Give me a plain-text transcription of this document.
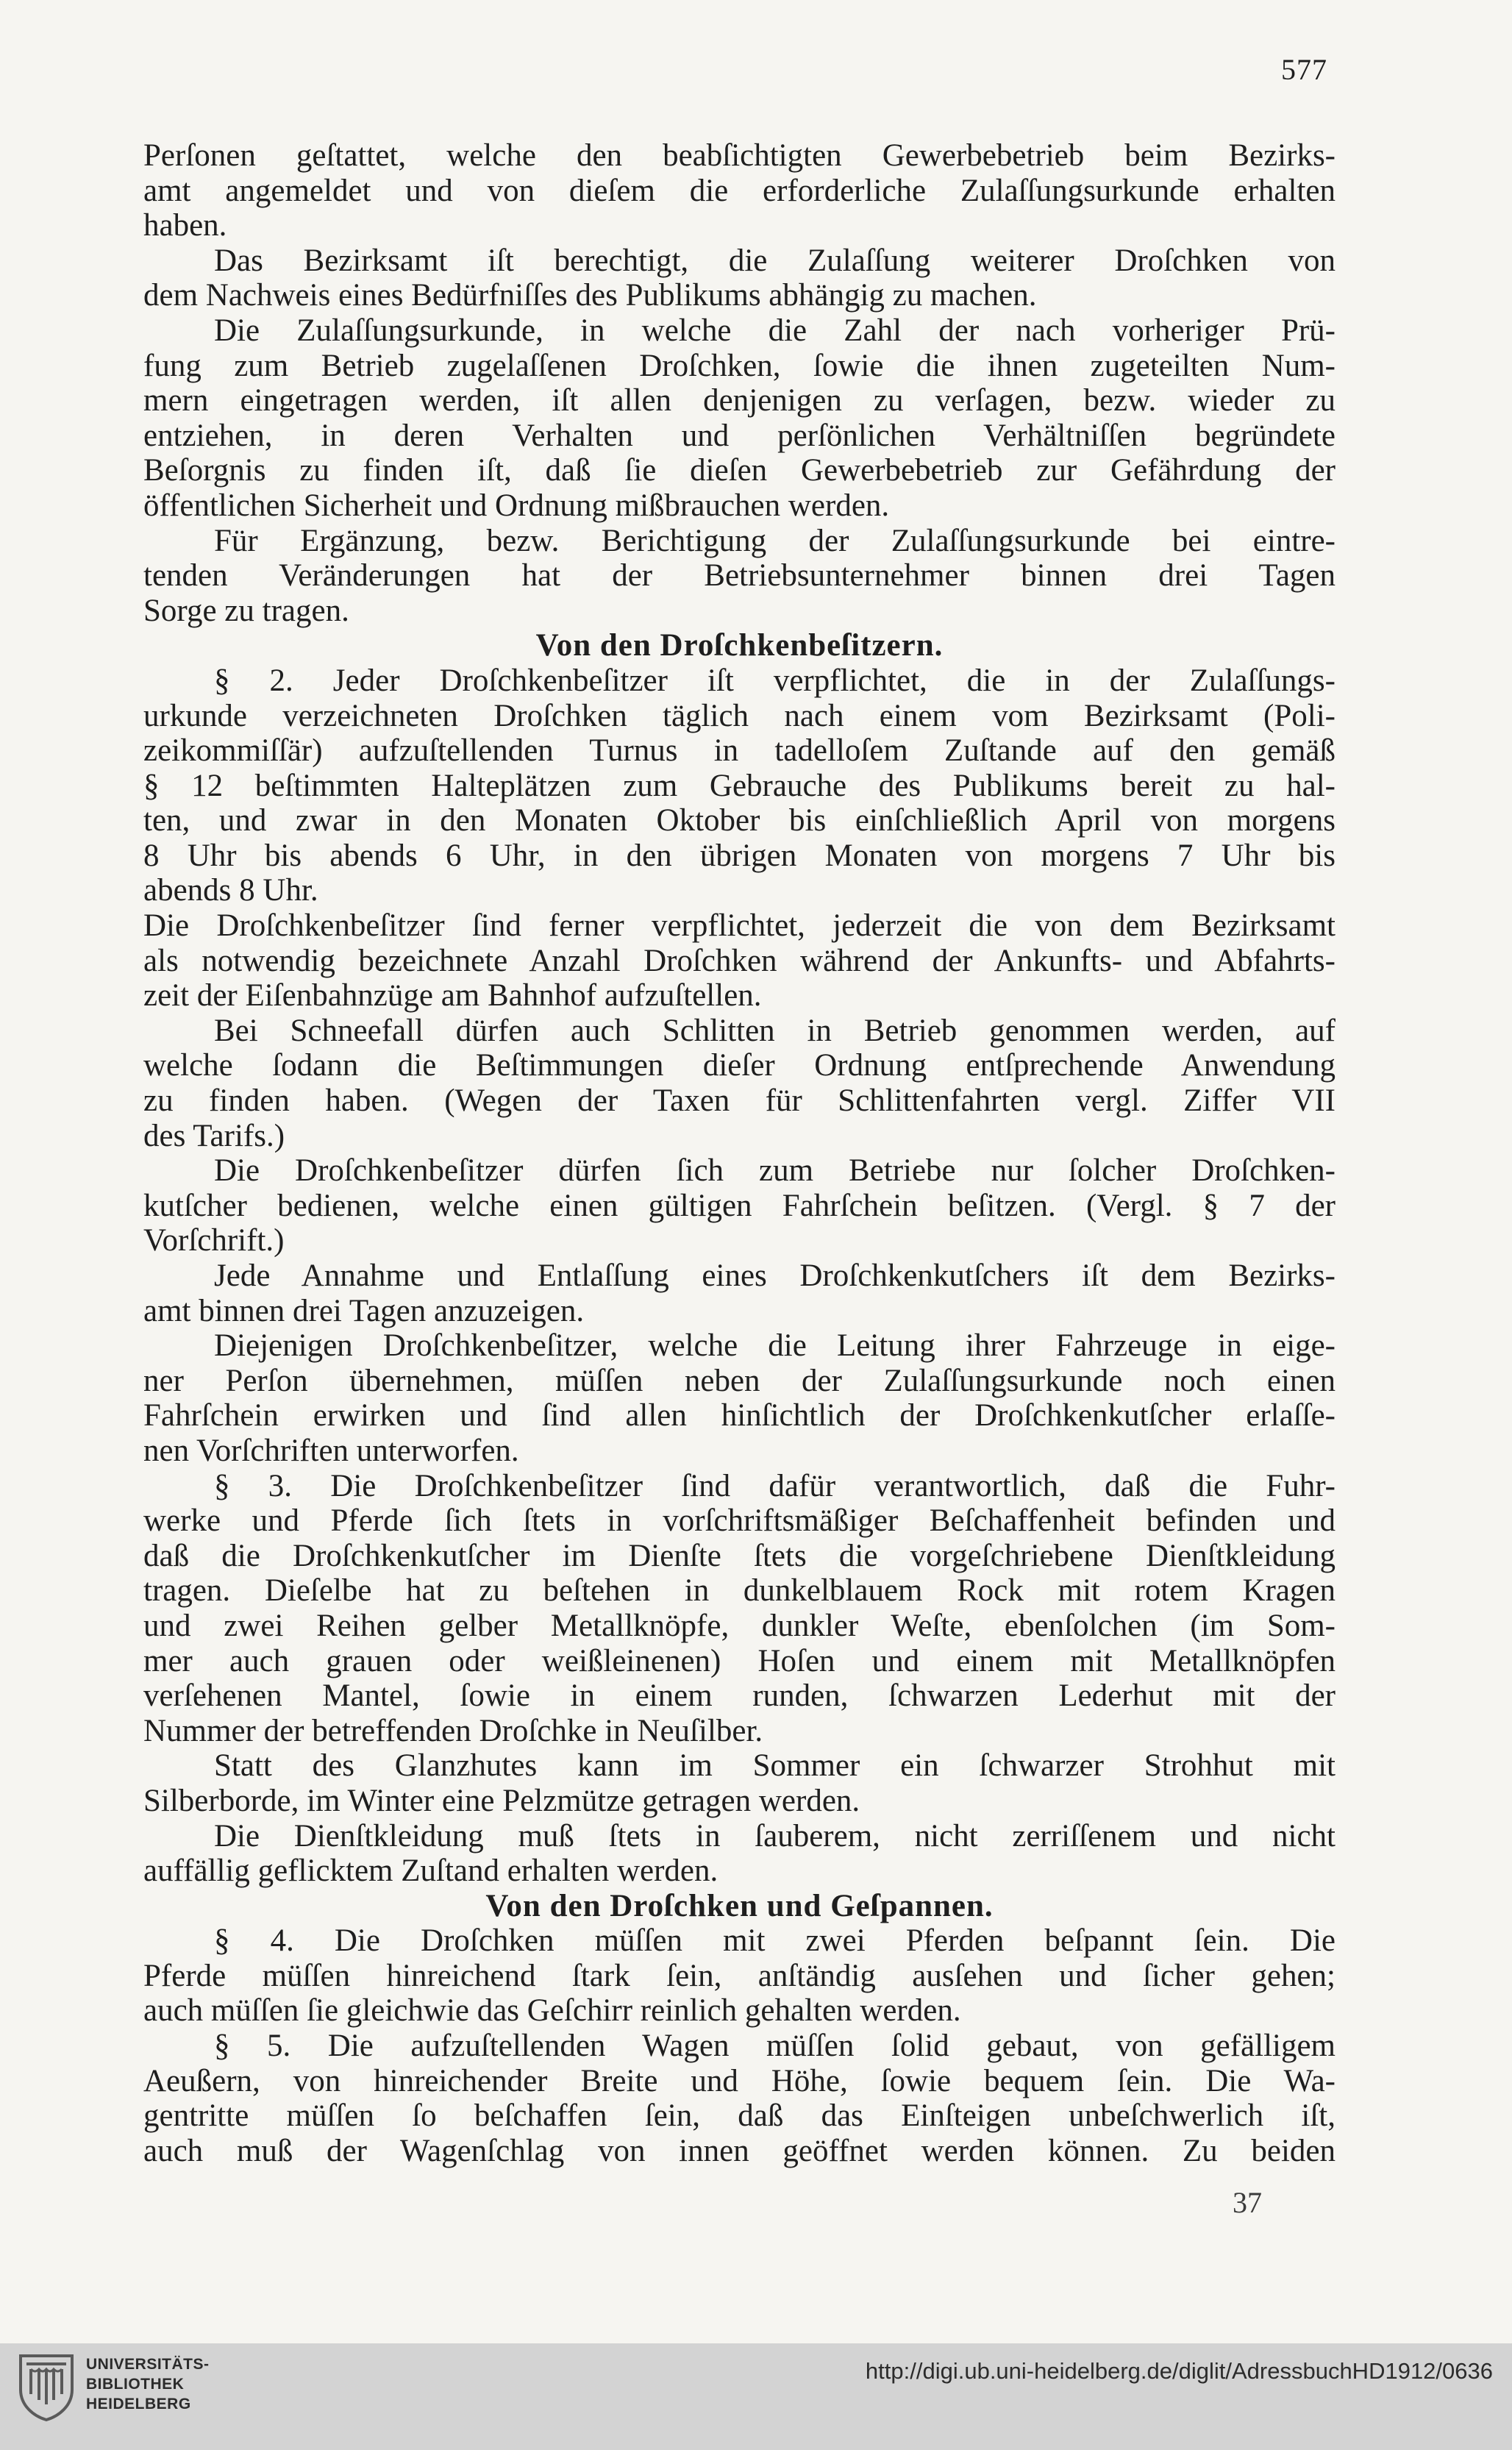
577
Perſonen geſtattet, welche den beabſichtigten Gewerbebetrieb beim Bezirks-
amt angemeldet und von dieſem die erforderliche Zulaſſungsurkunde erhalten
haben.
Das Bezirksamt iſt berechtigt, die Zulaſſung weiterer Droſchken von
dem Nachweis eines Bedürfniſſes des Publikums abhängig zu machen.
Die Zulaſſungsurkunde, in welche die Zahl der nach vorheriger Prü-
fung zum Betrieb zugelaſſenen Droſchken, ſowie die ihnen zugeteilten Num-
mern eingetragen werden, iſt allen denjenigen zu verſagen, bezw. wieder zu
entziehen, in deren Verhalten und perſönlichen Verhältniſſen begründete
Beſorgnis zu finden iſt, daß ſie dieſen Gewerbebetrieb zur Gefährdung der
öffentlichen Sicherheit und Ordnung mißbrauchen werden.
Für Ergänzung, bezw. Berichtigung der Zulaſſungsurkunde bei eintre-
tenden Veränderungen hat der Betriebsunternehmer binnen drei Tagen
Sorge zu tragen.
Von den Droſchkenbeſitzern.
§ 2. Jeder Droſchkenbeſitzer iſt verpflichtet, die in der Zulaſſungs-
urkunde verzeichneten Droſchken täglich nach einem vom Bezirksamt (Poli-
zeikommiſſär) aufzuſtellenden Turnus in tadelloſem Zuſtande auf den gemäß
§ 12 beſtimmten Halteplätzen zum Gebrauche des Publikums bereit zu hal-
ten, und zwar in den Monaten Oktober bis einſchließlich April von morgens
8 Uhr bis abends 6 Uhr, in den übrigen Monaten von morgens 7 Uhr bis
abends 8 Uhr.
Die Droſchkenbeſitzer ſind ferner verpflichtet, jederzeit die von dem Bezirksamt
als notwendig bezeichnete Anzahl Droſchken während der Ankunfts- und Abfahrts-
zeit der Eiſenbahnzüge am Bahnhof aufzuſtellen.
Bei Schneefall dürfen auch Schlitten in Betrieb genommen werden, auf
welche ſodann die Beſtimmungen dieſer Ordnung entſprechende Anwendung
zu finden haben. (Wegen der Taxen für Schlittenfahrten vergl. Ziffer VII
des Tarifs.)
Die Droſchkenbeſitzer dürfen ſich zum Betriebe nur ſolcher Droſchken-
kutſcher bedienen, welche einen gültigen Fahrſchein beſitzen. (Vergl. § 7 der
Vorſchrift.)
Jede Annahme und Entlaſſung eines Droſchkenkutſchers iſt dem Bezirks-
amt binnen drei Tagen anzuzeigen.
Diejenigen Droſchkenbeſitzer, welche die Leitung ihrer Fahrzeuge in eige-
ner Perſon übernehmen, müſſen neben der Zulaſſungsurkunde noch einen
Fahrſchein erwirken und ſind allen hinſichtlich der Droſchkenkutſcher erlaſſe-
nen Vorſchriften unterworfen.
§ 3. Die Droſchkenbeſitzer ſind dafür verantwortlich, daß die Fuhr-
werke und Pferde ſich ſtets in vorſchriftsmäßiger Beſchaffenheit befinden und
daß die Droſchkenkutſcher im Dienſte ſtets die vorgeſchriebene Dienſtkleidung
tragen. Dieſelbe hat zu beſtehen in dunkelblauem Rock mit rotem Kragen
und zwei Reihen gelber Metallknöpfe, dunkler Weſte, ebenſolchen (im Som-
mer auch grauen oder weißleinenen) Hoſen und einem mit Metallknöpfen
verſehenen Mantel, ſowie in einem runden, ſchwarzen Lederhut mit der
Nummer der betreffenden Droſchke in Neuſilber.
Statt des Glanzhutes kann im Sommer ein ſchwarzer Strohhut mit
Silberborde, im Winter eine Pelzmütze getragen werden.
Die Dienſtkleidung muß ſtets in ſauberem, nicht zerriſſenem und nicht
auffällig geflicktem Zuſtand erhalten werden.
Von den Droſchken und Geſpannen.
§ 4. Die Droſchken müſſen mit zwei Pferden beſpannt ſein. Die
Pferde müſſen hinreichend ſtark ſein, anſtändig ausſehen und ſicher gehen;
auch müſſen ſie gleichwie das Geſchirr reinlich gehalten werden.
§ 5. Die aufzuſtellenden Wagen müſſen ſolid gebaut, von gefälligem
Aeußern, von hinreichender Breite und Höhe, ſowie bequem ſein. Die Wa-
gentritte müſſen ſo beſchaffen ſein, daß das Einſteigen unbeſchwerlich iſt,
auch muß der Wagenſchlag von innen geöffnet werden können. Zu beiden
37
UNIVERSITÄTS-
BIBLIOTHEK
HEIDELBERG
http://digi.ub.uni-heidelberg.de/diglit/AdressbuchHD1912/0636
